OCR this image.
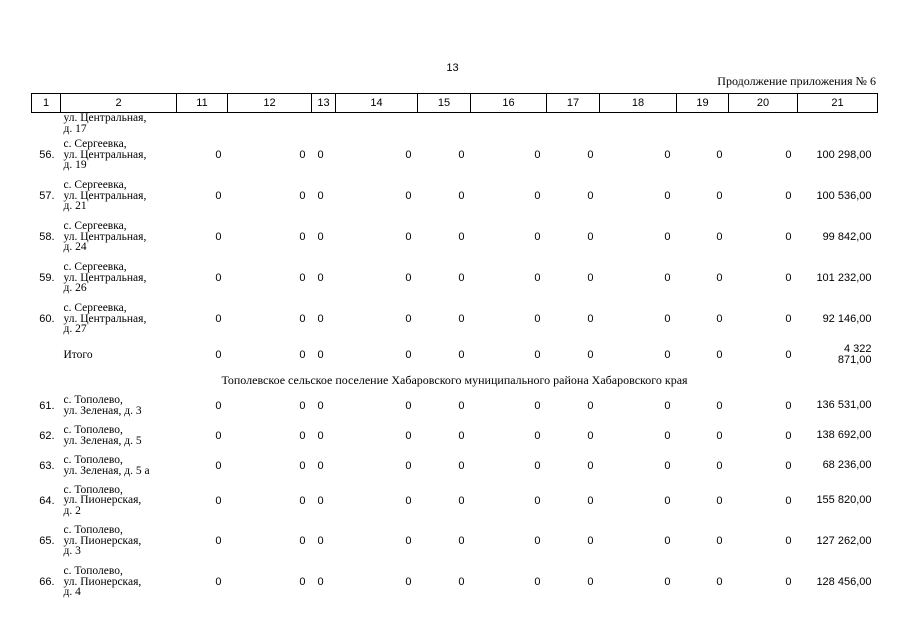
13
Продолжение приложения № 6
1	2	11	12	13	14	15	16	17	18	19	20	21
	ул. Центральная,
д. 17											
56.	с. Сергеевка,
ул. Центральная,
д. 19	0	0	0	0	0	0	0	0	0	0	100 298,00
57.	с. Сергеевка,
ул. Центральная,
д. 21	0	0	0	0	0	0	0	0	0	0	100 536,00
58.	с. Сергеевка,
ул. Центральная,
д. 24	0	0	0	0	0	0	0	0	0	0	99 842,00
59.	с. Сергеевка,
ул. Центральная,
д. 26	0	0	0	0	0	0	0	0	0	0	101 232,00
60.	с. Сергеевка,
ул. Центральная,
д. 27	0	0	0	0	0	0	0	0	0	0	92 146,00
	Итого	0	0	0	0	0	0	0	0	0	0	4 322
871,00
Тополевское сельское поселение Хабаровского муниципального района Хабаровского края												
61.	с. Тополево,
ул. Зеленая, д. 3	0	0	0	0	0	0	0	0	0	0	136 531,00
62.	с. Тополево,
ул. Зеленая, д. 5	0	0	0	0	0	0	0	0	0	0	138 692,00
63.	с. Тополево,
ул. Зеленая, д. 5 а	0	0	0	0	0	0	0	0	0	0	68 236,00
64.	с. Тополево,
ул. Пионерская,
д. 2	0	0	0	0	0	0	0	0	0	0	155 820,00
65.	с. Тополево,
ул. Пионерская,
д. 3	0	0	0	0	0	0	0	0	0	0	127 262,00
66.	с. Тополево,
ул. Пионерская,
д. 4	0	0	0	0	0	0	0	0	0	0	128 456,00
